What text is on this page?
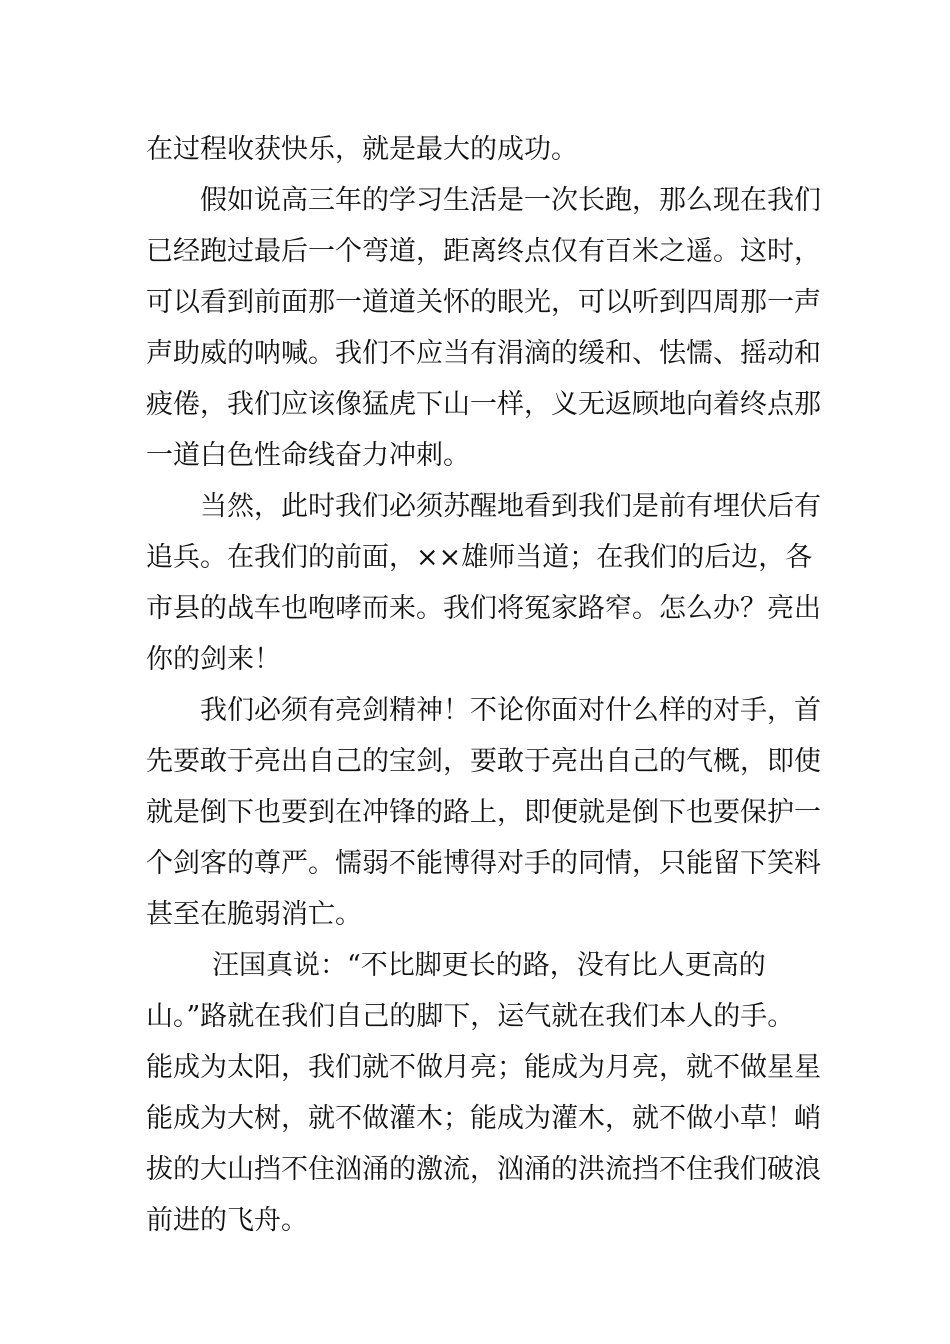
在过程收获快乐，就是最大的成功。
假如说高三年的学习生活是一次长跑，那么现在我们
已经跑过最后一个弯道，距离终点仅有百米之遥。这时，
可以看到前面那一道道关怀的眼光，可以听到四周那一声
声助威的呐喊。我们不应当有涓滴的缓和、怯懦、摇动和
疲倦，我们应该像猛虎下山一样，义无返顾地向着终点那
一道白色性命线奋力冲刺。
当然，此时我们必须苏醒地看到我们是前有埋伏后有
追兵。在我们的前面，××雄师当道；在我们的后边，各
市县的战车也咆哮而来。我们将冤家路窄。怎么办？亮出
你的剑来！
我们必须有亮剑精神！不论你面对什么样的对手，首
先要敢于亮出自己的宝剑，要敢于亮出自己的气概，即使
就是倒下也要到在冲锋的路上，即便就是倒下也要保护一
个剑客的尊严。懦弱不能博得对手的同情，只能留下笑料
甚至在脆弱消亡。
汪国真说：“不比脚更长的路，没有比人更高的
山。”路就在我们自己的脚下，运气就在我们本人的手。
能成为太阳，我们就不做月亮；能成为月亮，就不做星星
能成为大树，就不做灌木；能成为灌木，就不做小草！峭
拔的大山挡不住汹涌的激流，汹涌的洪流挡不住我们破浪
前进的飞舟。
